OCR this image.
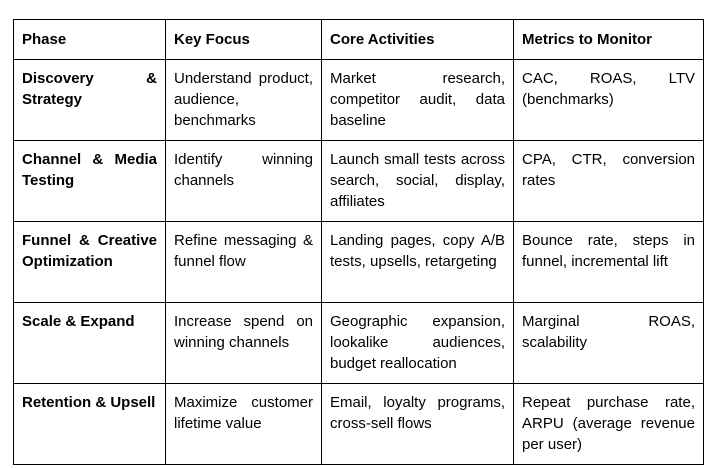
Phase	Key Focus	Core Activities	Metrics to Monitor
Discovery & Strategy	Understand product, audience, benchmarks	Market research, competitor audit, data baseline	CAC, ROAS, LTV (benchmarks)
Channel & Media Testing	Identify winning channels	Launch small tests across search, social, display, affiliates	CPA, CTR, conversion rates
Funnel & Creative Optimization	Refine messaging & funnel flow	Landing pages, copy A/B tests, upsells, retargeting	Bounce rate, steps in funnel, incremental lift
Scale & Expand	Increase spend on winning channels	Geographic expansion, lookalike audiences, budget reallocation	Marginal ROAS, scalability
Retention & Upsell	Maximize customer lifetime value	Email, loyalty programs, cross-sell flows	Repeat purchase rate, ARPU (average revenue per user)
